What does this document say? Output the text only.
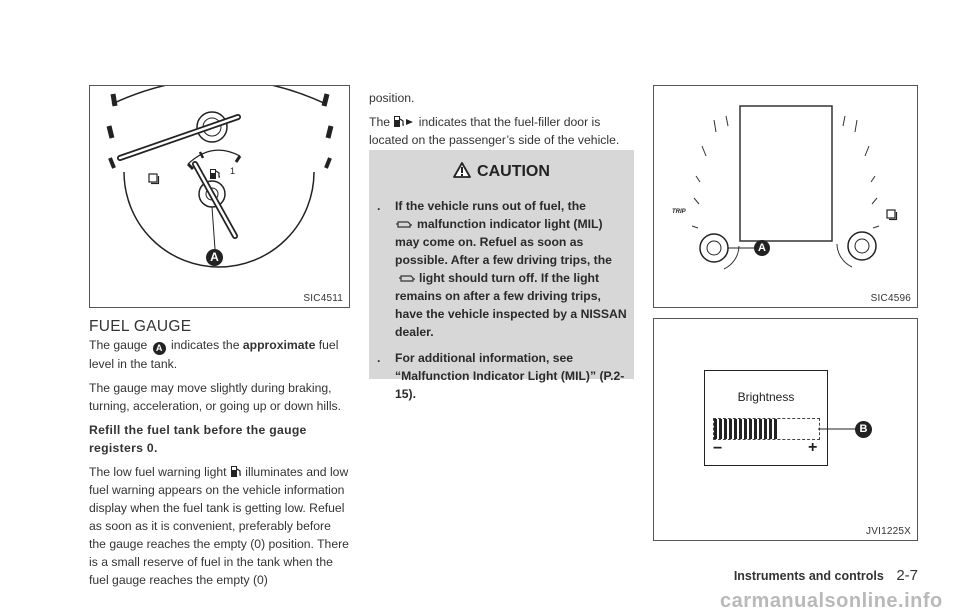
1
A
SIC4511
FUEL GAUGE

The gauge A indicates the approximate fuel level in the tank.

The gauge may move slightly during braking, turning, acceleration, or going up or down hills.

Refill the fuel tank before the gauge registers 0.

The low fuel warning light  illuminates and low fuel warning appears on the vehicle information display when the fuel tank is getting low. Refuel as soon as it is convenient, preferably before the gauge reaches the empty (0) position. There is a small reserve of fuel in the tank when the fuel gauge reaches the empty (0)

position.

The  indicates that the fuel-filler door is located on the passenger’s side of the vehicle.

CAUTION
. If the vehicle runs out of fuel, the
malfunction indicator light (MIL) may come on. Refuel as soon as possible. After a few driving trips, the light should turn off. If the light remains on after a few driving trips, have the vehicle inspected by a NISSAN dealer.
. For additional information, see “Malfunction Indicator Light (MIL)” (P.2-15).
TRIP
A
SIC4596
Brightness
−	+
B
JVI1225X
Instruments and controls 2-7
carmanualsonline.info
